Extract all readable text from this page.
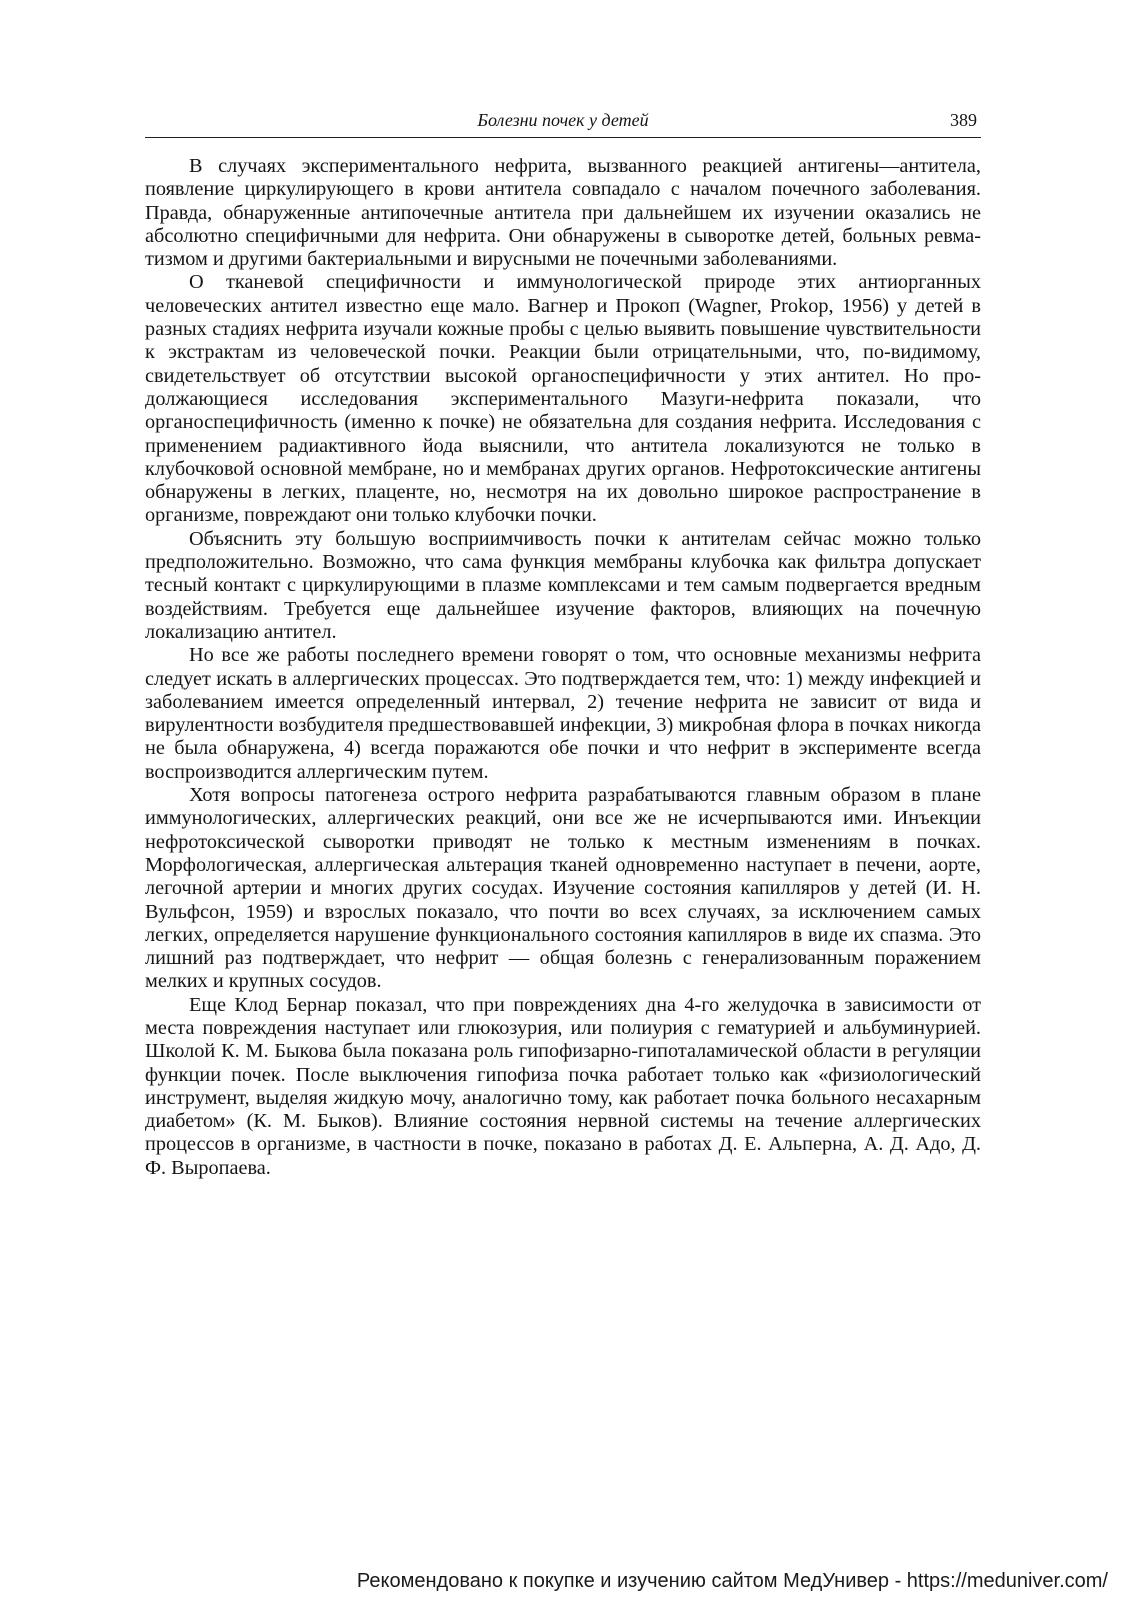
Болезни почек у детей	389

В случаях экспериментального нефрита, вызванного реакцией антигены—антитела, появление циркулирующего в крови антитела совпадало с началом почечного заболевания. Правда, обнаруженные антипочечные антитела при дальнейшем их изучении оказались не абсолютно специфичными для нефрита. Они обнаружены в сыворотке детей, больных ревматизмом и другими бактериальными и вирусными не почечными заболеваниями.

О тканевой специфичности и иммунологической природе этих антиорганных человеческих антител известно еще мало. Вагнер и Прокоп (Wagner, Prokop, 1956) у детей в разных стадиях нефрита изучали кожные пробы с целью выявить повышение чувствительности к экстрактам из человеческой почки. Реакции были отрицательными, что, по-видимому, свидетельствует об отсутствии высокой органоспецифичности у этих антител. Но продолжающиеся исследования экспериментального Мазуги-нефрита показали, что органоспецифичность (именно к почке) не обязательна для создания нефрита. Исследования с применением радиактивного йода выяснили, что антитела локализуются не только в клубочковой основной мембране, но и мембранах других органов. Нефротоксические антигены обнаружены в легких, плаценте, но, несмотря на их довольно широкое распространение в организме, повреждают они только клубочки почки.

Объяснить эту большую восприимчивость почки к антителам сейчас можно только предположительно. Возможно, что сама функция мембраны клубочка как фильтра допускает тесный контакт с циркулирующими в плазме комплексами и тем самым подвергается вредным воздействиям. Требуется еще дальнейшее изучение факторов, влияющих на почечную локализацию антител.

Но все же работы последнего времени говорят о том, что основные механизмы нефрита следует искать в аллергических процессах. Это подтверждается тем, что: 1) между инфекцией и заболеванием имеется определенный интервал, 2) течение нефрита не зависит от вида и вирулентности возбудителя предшествовавшей инфекции, 3) микробная флора в почках никогда не была обнаружена, 4) всегда поражаются обе почки и что нефрит в эксперименте всегда воспроизводится аллергическим путем.

Хотя вопросы патогенеза острого нефрита разрабатываются главным образом в плане иммунологических, аллергических реакций, они все же не исчерпываются ими. Инъекции нефротоксической сыворотки приводят не только к местным изменениям в почках. Морфологическая, аллергическая альтерация тканей одновременно наступает в печени, аорте, легочной артерии и многих других сосудах. Изучение состояния капилляров у детей (И. Н. Вульфсон, 1959) и взрослых показало, что почти во всех случаях, за исключением самых легких, определяется нарушение функционального состояния капилляров в виде их спазма. Это лишний раз подтверждает, что нефрит — общая болезнь с генерализованным поражением мелких и крупных сосудов.

Еще Клод Бернар показал, что при повреждениях дна 4-го желудочка в зависимости от места повреждения наступает или глюкозурия, или полиурия с гематурией и альбуминурией. Школой К. М. Быкова была показана роль гипофизарно-гипоталамической области в регуляции функции почек. После выключения гипофиза почка работает только как «физиологический инструмент, выделяя жидкую мочу, аналогично тому, как работает почка больного несахарным диабетом» (К. М. Быков). Влияние состояния нервной системы на течение аллергических процессов в организме, в частности в почке, показано в работах Д. Е. Альперна, А. Д. Адо, Д. Ф. Выропаева.

Рекомендовано к покупке и изучению сайтом МедУнивер - https://meduniver.com/
